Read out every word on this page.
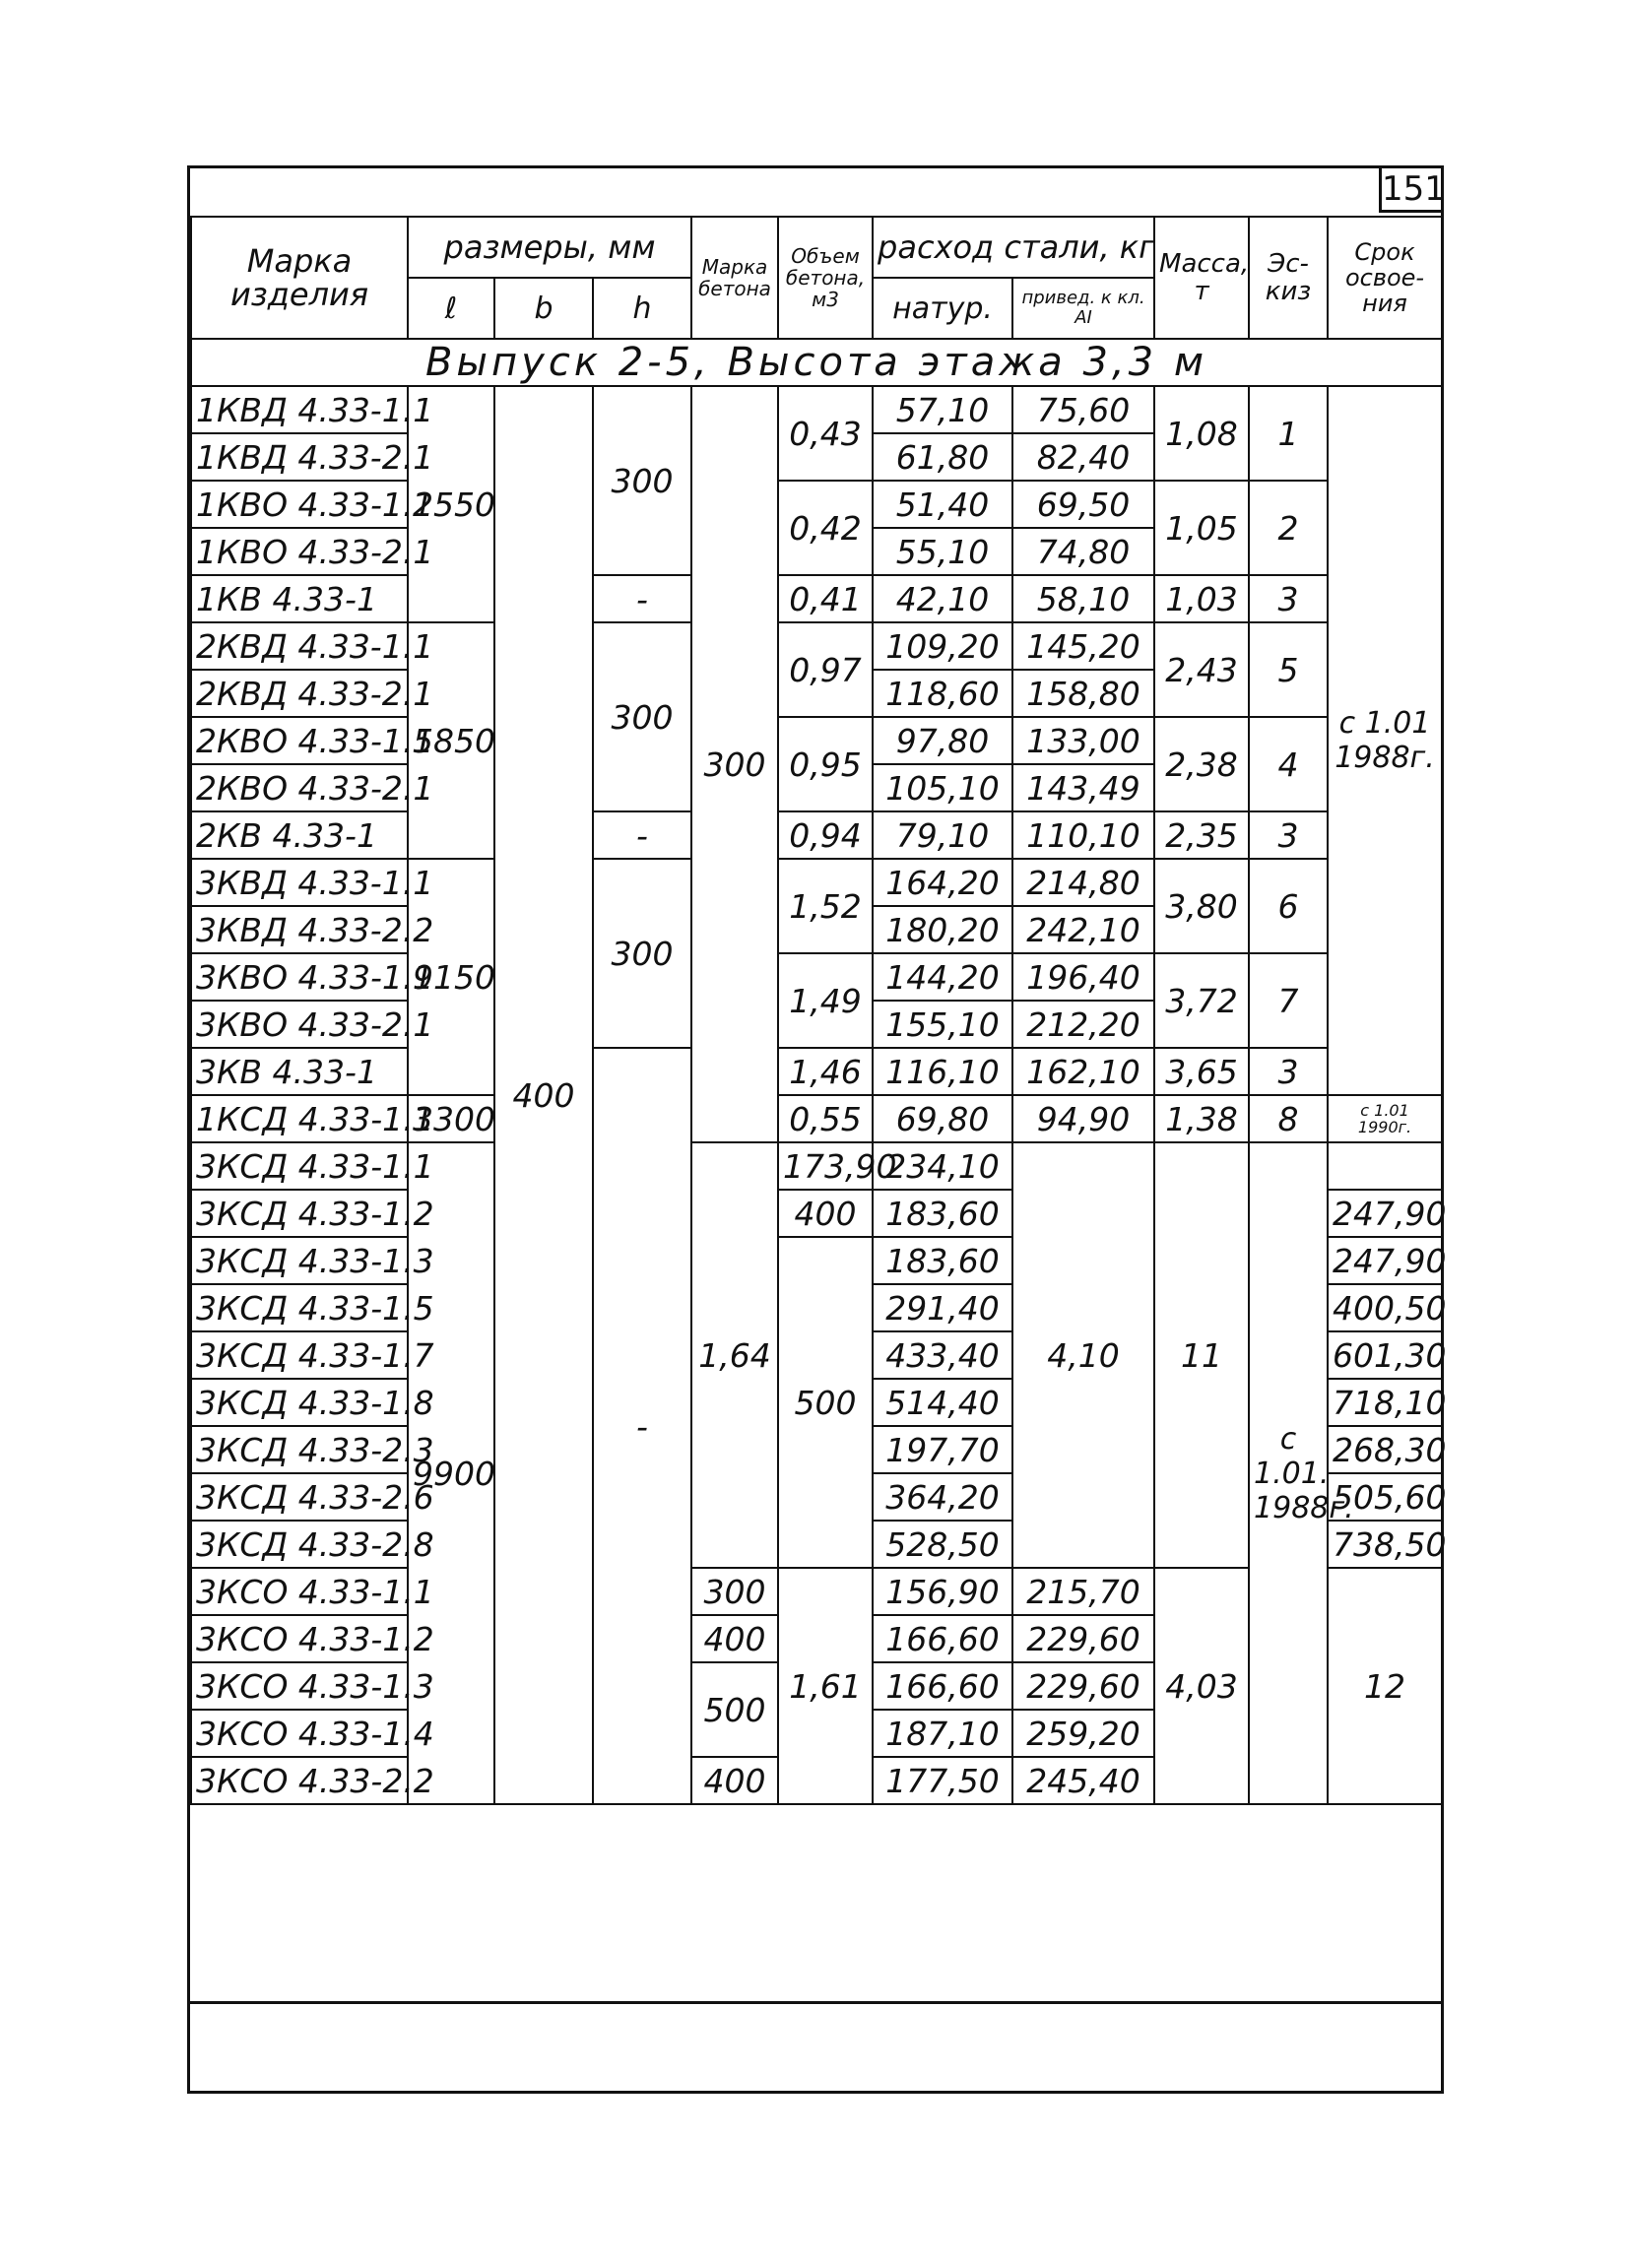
151
Марка изделия	размеры, мм			Марка бетона	Объем бетона, м3	расход стали, кг		Масса, т	Эс-киз	Срок освое-ния
	ℓ	b	h			натур.	привед. к кл. AI			
Выпуск 2-5, Высота этажа 3,3 м										
1КВД 4.33-1.1	2550	400	300	300	0,43	57,10	75,60	1,08	1	с 1.01 1988г.
1КВД 4.33-2.1						61,80	82,40			
1КВО 4.33-1.1					0,42	51,40	69,50	1,05	2	
1КВО 4.33-2.1						55,10	74,80			
1КВ 4.33-1			-		0,41	42,10	58,10	1,03	3	
2КВД 4.33-1.1	5850		300		0,97	109,20	145,20	2,43	5	
2КВД 4.33-2.1						118,60	158,80			
2КВО 4.33-1.1					0,95	97,80	133,00	2,38	4	
2КВО 4.33-2.1						105,10	143,49			
2КВ 4.33-1			-		0,94	79,10	110,10	2,35	3	
3КВД 4.33-1.1	9150		300		1,52	164,20	214,80	3,80	6	
3КВД 4.33-2.2						180,20	242,10			
3КВО 4.33-1.1					1,49	144,20	196,40	3,72	7	
3КВО 4.33-2.1						155,10	212,20			
3КВ 4.33-1			-		1,46	116,10	162,10	3,65	3	
1КСД 4.33-1.1	3300				0,55	69,80	94,90	1,38	8	с 1.01 1990г.
3КСД 4.33-1.1	9900			1,64	173,90	234,10	4,10	11	с 1.01. 1988г.	
3КСД 4.33-1.2					400	183,60				247,90
3КСД 4.33-1.3					500	183,60				247,90
3КСД 4.33-1.5						291,40				400,50
3КСД 4.33-1.7						433,40				601,30
3КСД 4.33-1.8						514,40				718,10
3КСД 4.33-2.3						197,70				268,30
3КСД 4.33-2.6						364,20				505,60
3КСД 4.33-2.8						528,50				738,50
3КСО 4.33-1.1				300	1,61	156,90	215,70	4,03		12
3КСО 4.33-1.2				400		166,60	229,60			
3КСО 4.33-1.3				500		166,60	229,60			
3КСО 4.33-1.4						187,10	259,20			
3КСО 4.33-2.2				400		177,50	245,40			
